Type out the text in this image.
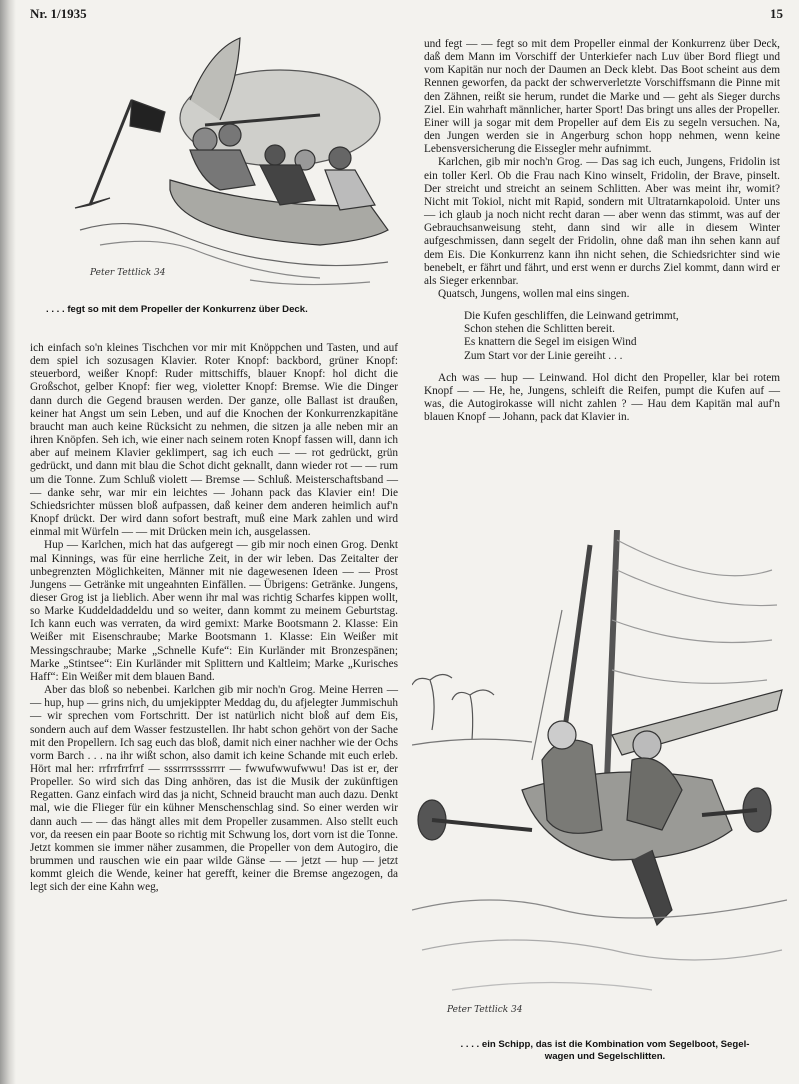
Nr. 1/1935	15
Peter Tettlick 34
. . . . fegt so mit dem Propeller der Konkurrenz über Deck.

ich einfach so'n kleines Tischchen vor mir mit Knöppchen und Tasten, und auf dem spiel ich sozusagen Klavier. Roter Knopf: backbord, grüner Knopf: steuerbord, weißer Knopf: Ruder mittschiffs, blauer Knopf: hol dicht die Großschot, gelber Knopf: fier weg, violetter Knopf: Bremse. Wie die Dinger dann durch die Gegend brausen werden. Der ganze, olle Ballast ist draußen, keiner hat Angst um sein Leben, und auf die Knochen der Konkurrenzkapitäne braucht man auch keine Rücksicht zu nehmen, die sitzen ja alle neben mir an ihren Knöpfen. Seh ich, wie einer nach seinem roten Knopf fassen will, dann ich aber auf meinem Klavier geklimpert, sag ich euch — — rot gedrückt, grün gedrückt, und dann mit blau die Schot dicht geknallt, dann wieder rot — — rum um die Tonne. Zum Schluß violett — Bremse — Schluß. Meisterschaftsband — — danke sehr, war mir ein leichtes — Johann pack das Klavier ein! Die Schiedsrichter müssen bloß aufpassen, daß keiner dem anderen heimlich auf'n Knopf drückt. Der wird dann sofort bestraft, muß eine Mark zahlen und wird einmal mit Würfeln — — mit Drücken mein ich, ausgelassen.

Hup — Karlchen, mich hat das aufgeregt — gib mir noch einen Grog. Denkt mal Kinnings, was für eine herrliche Zeit, in der wir leben. Das Zeitalter der unbegrenzten Möglichkeiten, Männer mit nie dagewesenen Ideen — — Prost Jungens — Getränke mit ungeahnten Einfällen. — Übrigens: Getränke. Jungens, dieser Grog ist ja lieblich. Aber wenn ihr mal was richtig Scharfes kippen wollt, so Marke Kuddeldaddeldu und so weiter, dann kommt zu meinem Geburtstag. Ich kann euch was verraten, da wird gemixt: Marke Bootsmann 2. Klasse: Ein Weißer mit Eisenschraube; Marke Bootsmann 1. Klasse: Ein Weißer mit Messingschraube; Marke „Schnelle Kufe“: Ein Kurländer mit Bronzespänen; Marke „Stintsee“: Ein Kurländer mit Splittern und Kaltleim; Marke „Kurisches Haff“: Ein Weißer mit dem blauen Band.

Aber das bloß so nebenbei. Karlchen gib mir noch'n Grog. Meine Herren — — hup, hup — grins nich, du umjekippter Meddag du, du afjelegter Jummischuh — wir sprechen vom Fortschritt. Der ist natürlich nicht bloß auf dem Eis, sondern auch auf dem Wasser festzustellen. Ihr habt schon gehört von der Sache mit den Propellern. Ich sag euch das bloß, damit nich einer nachher wie der Ochs vorm Barch . . . na ihr wißt schon, also damit ich keine Schande mit euch erleb. Hört mal her: rrfrrfrrfrrf — sssrrrrssssrrrr — fwwufwwufwwu! Das ist er, der Propeller. So wird sich das Ding anhören, das ist die Musik der zukünftigen Regatten. Ganz einfach wird das ja nicht, Schneid braucht man auch dazu. Denkt mal, wie die Flieger für ein kühner Menschenschlag sind. So einer werden wir dann auch — — das hängt alles mit dem Propeller zusammen. Also stellt euch vor, da reesen ein paar Boote so richtig mit Schwung los, dort vorn ist die Tonne. Jetzt kommen sie immer näher zusammen, die Propeller von dem Autogiro, die brummen und rauschen wie ein paar wilde Gänse — — jetzt — hup — jetzt kommt gleich die Wende, keiner hat gerefft, keiner die Bremse angezogen, da legt sich der eine Kahn weg,

und fegt — — fegt so mit dem Propeller einmal der Konkurrenz über Deck, daß dem Mann im Vorschiff der Unterkiefer nach Luv über Bord fliegt und vom Kapitän nur noch der Daumen an Deck klebt. Das Boot scheint aus dem Rennen geworfen, da packt der schwerverletzte Vorschiffsmann die Pinne mit den Zähnen, reißt sie herum, rundet die Marke und — geht als Sieger durchs Ziel. Ein wahrhaft männlicher, harter Sport! Das bringt uns alles der Propeller. Einer will ja sogar mit dem Propeller auf dem Eis zu segeln versuchen. Na, den Jungen werden sie in Angerburg schon hopp nehmen, wenn keine Lebensversicherung die Eissegler mehr aufnimmt.

Karlchen, gib mir noch'n Grog. — Das sag ich euch, Jungens, Fridolin ist ein toller Kerl. Ob die Frau nach Kino winselt, Fridolin, der Brave, pinselt. Der streicht und streicht an seinem Schlitten. Aber was meint ihr, womit? Nicht mit Tokiol, nicht mit Rapid, sondern mit Ultratarnkapoloid. Unter uns — ich glaub ja noch nicht recht daran — aber wenn das stimmt, was auf der Gebrauchsanweisung steht, dann sind wir alle in diesem Winter aufgeschmissen, dann segelt der Fridolin, ohne daß man ihn sehen kann auf dem Eis. Die Konkurrenz kann ihn nicht sehen, die Schiedsrichter sind wie benebelt, er fährt und fährt, und erst wenn er durchs Ziel kommt, dann wird er als Sieger erkennbar.

Quatsch, Jungens, wollen mal eins singen.

Die Kufen geschliffen, die Leinwand getrimmt,
Schon stehen die Schlitten bereit.
Es knattern die Segel im eisigen Wind
Zum Start vor der Linie gereiht . . .

Ach was — hup — Leinwand. Hol dicht den Propeller, klar bei rotem Knopf — — He, he, Jungens, schleift die Reifen, pumpt die Kufen auf — was, die Autogirokasse will nicht zahlen ? — Hau dem Kapitän mal auf'n blauen Knopf — Johann, pack dat Klavier in.

Peter Tettlick 34
. . . . ein Schipp, das ist die Kombination vom Segelboot, Segel-
wagen und Segelschlitten.
